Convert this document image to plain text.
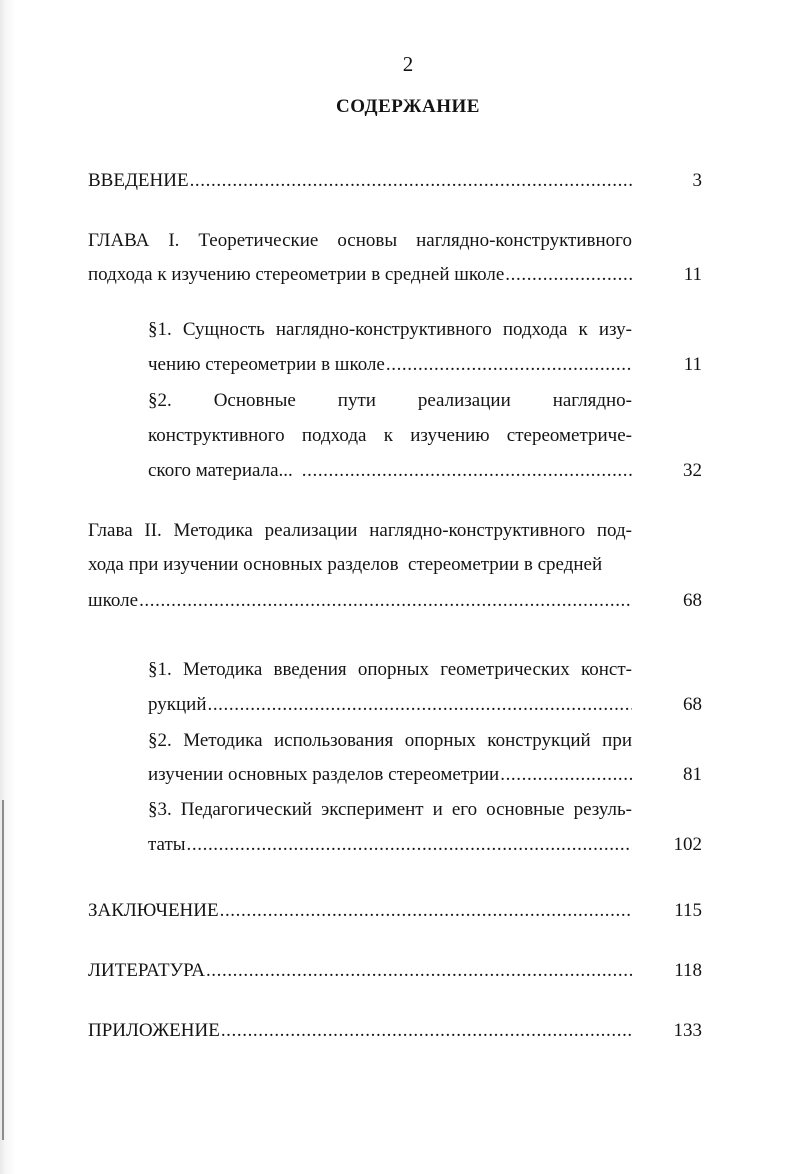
2
СОДЕРЖАНИЕ
ВВЕДЕНИЕ .....	3
ГЛАВА I. Теоретические основы наглядно-конструктивного
подхода к изучению стереометрии в средней школе .....	11
§1. Сущность наглядно-конструктивного подхода к изу-
чению стереометрии в школе .....	11
§2. Основные пути реализации наглядно-
конструктивного подхода к изучению стереометриче-
ского материала... .....	32
Глава II. Методика реализации наглядно-конструктивного под-
хода при изучении основных разделов  стереометрии в средней
школе .....	68
§1. Методика введения опорных геометрических конст-
рукций .....	68
§2. Методика использования опорных конструкций при
изучении основных разделов стереометрии .....	81
§3. Педагогический эксперимент и его основные резуль-
таты .....	102
ЗАКЛЮЧЕНИЕ .....	115
ЛИТЕРАТУРА .....	118
ПРИЛОЖЕНИЕ .....	133
